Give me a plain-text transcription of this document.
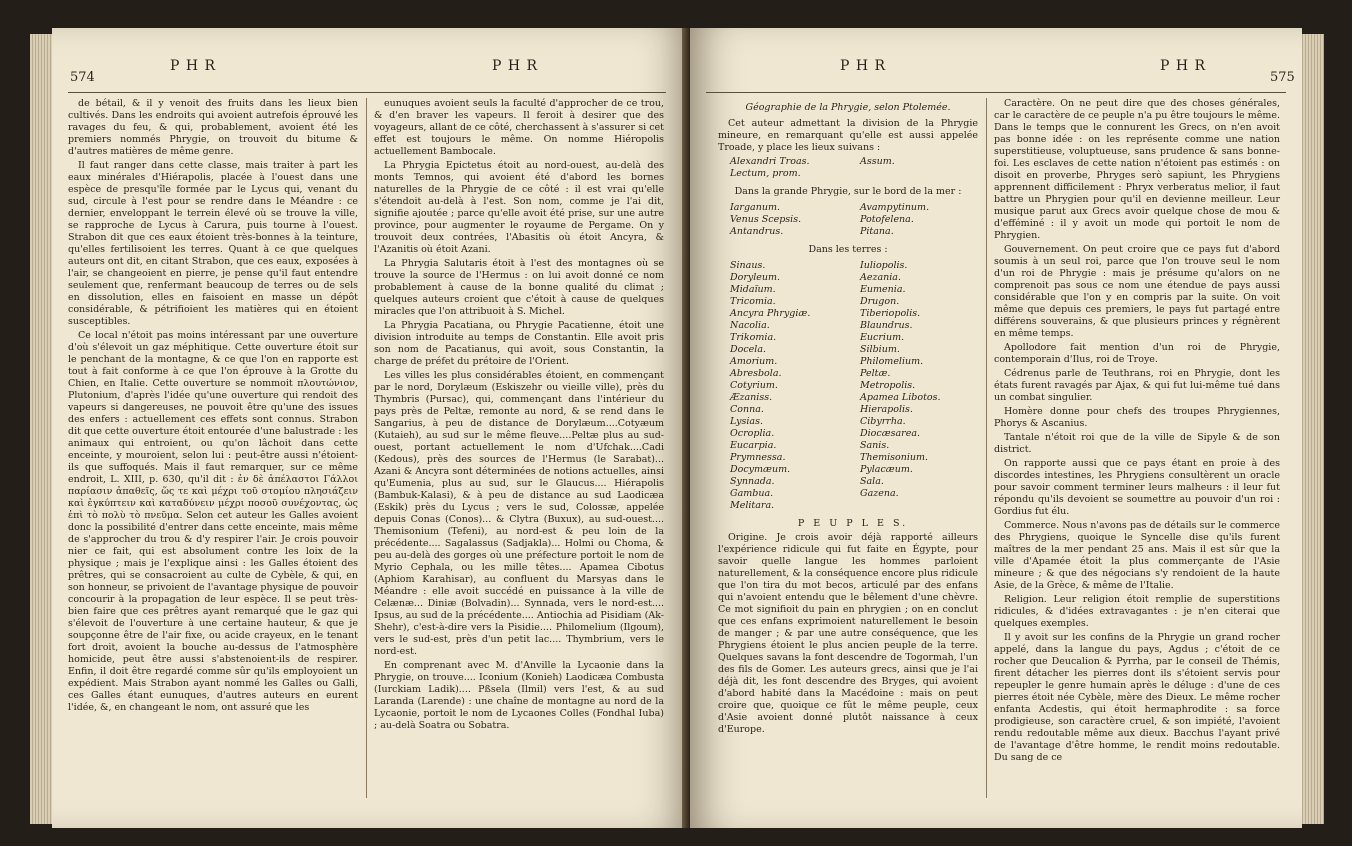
574
P H R	P H R

de bétail, & il y venoit des fruits dans les lieux bien cultivés. Dans les endroits qui avoient autrefois éprouvé les ravages du feu, & qui, probablement, avoient été les premiers nommés Phrygie, on trouvoit du bitume & d'autres matières de même genre.

Il faut ranger dans cette classe, mais traiter à part les eaux minérales d'Hiérapolis, placée à l'ouest dans une espèce de presqu'île formée par le Lycus qui, venant du sud, circule à l'est pour se rendre dans le Méandre : ce dernier, enveloppant le terrein élevé où se trouve la ville, se rapproche de Lycus à Carura, puis tourne à l'ouest. Strabon dit que ces eaux étoient très-bonnes à la teinture, qu'elles fertilisoient les terres. Quant à ce que quelques auteurs ont dit, en citant Strabon, que ces eaux, exposées à l'air, se changeoient en pierre, je pense qu'il faut entendre seulement que, renfermant beaucoup de terres ou de sels en dissolution, elles en faisoient en masse un dépôt considérable, & pétrifioient les matières qui en étoient susceptibles.

Ce local n'étoit pas moins intéressant par une ouverture d'où s'élevoit un gaz méphitique. Cette ouverture étoit sur le penchant de la montagne, & ce que l'on en rapporte est tout à fait conforme à ce que l'on éprouve à la Grotte du Chien, en Italie. Cette ouverture se nommoit πλουτώνιον, Plutonium, d'après l'idée qu'une ouverture qui rendoit des vapeurs si dangereuses, ne pouvoit être qu'une des issues des enfers : actuellement ces effets sont connus. Strabon dit que cette ouverture étoit entourée d'une balustrade : les animaux qui entroient, ou qu'on lâchoit dans cette enceinte, y mouroient, selon lui : peut-être aussi n'étoient-ils que suffoqués. Mais il faut remarquer, sur ce même endroit, L. XIII, p. 630, qu'il dit : ἐν δὲ ἀπέλαστοι Γάλλοι παρίασιν ἀπαθεῖς, ὥς τε καὶ μέχρι τοῦ στομίου πλησιάζειν καὶ ἐγκύπτειν καὶ καταδύνειν μέχρι ποσοῦ συνέχοντας, ὡς ἐπὶ τὸ πολὺ τὸ πνεῦμα. Selon cet auteur les Galles avoient donc la possibilité d'entrer dans cette enceinte, mais même de s'approcher du trou & d'y respirer l'air. Je crois pouvoir nier ce fait, qui est absolument contre les loix de la physique ; mais je l'explique ainsi : les Galles étoient des prêtres, qui se consacroient au culte de Cybèle, & qui, en son honneur, se privoient de l'avantage physique de pouvoir concourir à la propagation de leur espèce. Il se peut très-bien faire que ces prêtres ayant remarqué que le gaz qui s'élevoit de l'ouverture à une certaine hauteur, & que je soupçonne être de l'air fixe, ou acide crayeux, en le tenant fort droit, avoient la bouche au-dessus de l'atmosphère homicide, peut être aussi s'abstenoient-ils de respirer. Enfin, il doit être regardé comme sûr qu'ils employoient un expédient. Mais Strabon ayant nommé les Galles ou Galli, ces Galles étant eunuques, d'autres auteurs en eurent l'idée, &, en changeant le nom, ont assuré que les

eunuques avoient seuls la faculté d'approcher de ce trou, & d'en braver les vapeurs. Il feroit à desirer que des voyageurs, allant de ce côté, cherchassent à s'assurer si cet effet est toujours le même. On nomme Hiéropolis actuellement Bambocale.

La Phrygia Epictetus étoit au nord-ouest, au-delà des monts Temnos, qui avoient été d'abord les bornes naturelles de la Phrygie de ce côté : il est vrai qu'elle s'étendoit au-delà à l'est. Son nom, comme je l'ai dit, signifie ajoutée ; parce qu'elle avoit été prise, sur une autre province, pour augmenter le royaume de Pergame. On y trouvoit deux contrées, l'Abasitis où étoit Ancyra, & l'Azanitis où étoit Azani.

La Phrygia Salutaris étoit à l'est des montagnes où se trouve la source de l'Hermus : on lui avoit donné ce nom probablement à cause de la bonne qualité du climat ; quelques auteurs croient que c'étoit à cause de quelques miracles que l'on attribuoit à S. Michel.

La Phrygia Pacatiana, ou Phrygie Pacatienne, étoit une division introduite au temps de Constantin. Elle avoit pris son nom de Pacatianus, qui avoit, sous Constantin, la charge de préfet du prétoire de l'Orient.

Les villes les plus considérables étoient, en commençant par le nord, Dorylæum (Eskiszehr ou vieille ville), près du Thymbris (Pursac), qui, commençant dans l'intérieur du pays près de Peltæ, remonte au nord, & se rend dans le Sangarius, à peu de distance de Dorylæum....Cotyæum (Kutaieh), au sud sur le même fleuve....Peltæ plus au sud-ouest, portant actuellement le nom d'Ufchak....Cadi (Kedous), près des sources de l'Hermus (le Sarabat)... Azani & Ancyra sont déterminées de notions actuelles, ainsi qu'Eumenia, plus au sud, sur le Glaucus.... Hiérapolis (Bambuk-Kalasi), & à peu de distance au sud Laodicæa (Eskik) près du Lycus ; vers le sud, Colossæ, appelée depuis Conas (Conos)... & Clytra (Buxux), au sud-ouest.... Themisonium (Tefeni), au nord-est & peu loin de la précédente.... Sagalassus (Sadjakla)... Holmi ou Choma, & peu au-delà des gorges où une préfecture portoit le nom de Myrio Cephala, ou les mille têtes.... Apamea Cibotus (Aphiom Karahisar), au confluent du Marsyas dans le Méandre : elle avoit succédé en puissance à la ville de Celænæ... Diniæ (Bolvadin)... Synnada, vers le nord-est.... Ipsus, au sud de la précédente.... Antiochia ad Pisidiam (Ak-Shehr), c'est-à-dire vers la Pisidie.... Philomelium (Ilgoum), vers le sud-est, près d'un petit lac.... Thymbrium, vers le nord-est.

En comprenant avec M. d'Anville la Lycaonie dans la Phrygie, on trouve.... Iconium (Konieh) Laodicæa Combusta (Iurckiam Ladik).... Pßsela (Ilmil) vers l'est, & au sud Laranda (Larende) : une chaîne de montagne au nord de la Lycaonie, portoit le nom de Lycaones Colles (Fondhal Iuba) ; au-delà Soatra ou Sobatra.

P H R	P H R
575

Géographie de la Phrygie, selon Ptolemée.

Cet auteur admettant la division de la Phrygie mineure, en remarquant qu'elle est aussi appelée Troade, y place les lieux suivans :

Alexandri Troas.	Assum.
Lectum, prom.	

Dans la grande Phrygie, sur le bord de la mer :

Iarganum.	Avampytinum.
Venus Scepsis.	Potofelena.
Antandrus.	Pitana.

Dans les terres :

Sinaus.	Iuliopolis.
Doryleum.	Aezania.
Midaïum.	Eumenia.
Tricomia.	Drugon.
Ancyra Phrygiæ.	Tiberiopolis.
Nacolia.	Blaundrus.
Trikomia.	Eucrium.
Docela.	Silbium.
Amorium.	Philomelium.
Abresbola.	Peltæ.
Cotyrium.	Metropolis.
Æzaniss.	Apamea Libotos.
Conna.	Hierapolis.
Lysias.	Cibyrrha.
Ocroplia.	Diocæsarea.
Eucarpia.	Sanis.
Prymnessa.	Themisonium.
Docymæum.	Pylacæum.
Synnada.	Sala.
Gambua.	Gazena.
Melitara.	

P E U P L E S.

Origine. Je crois avoir déjà rapporté ailleurs l'expérience ridicule qui fut faite en Égypte, pour savoir quelle langue les hommes parloient naturellement, & la conséquence encore plus ridicule que l'on tira du mot becos, articulé par des enfans qui n'avoient entendu que le bêlement d'une chèvre. Ce mot signifioit du pain en phrygien ; on en conclut que ces enfans exprimoient naturellement le besoin de manger ; & par une autre conséquence, que les Phrygiens étoient le plus ancien peuple de la terre. Quelques savans la font descendre de Togormah, l'un des fils de Gomer. Les auteurs grecs, ainsi que je l'ai déjà dit, les font descendre des Bryges, qui avoient d'abord habité dans la Macédoine : mais on peut croire que, quoique ce fût le même peuple, ceux d'Asie avoient donné plutôt naissance à ceux d'Europe.

Caractère. On ne peut dire que des choses générales, car le caractère de ce peuple n'a pu être toujours le même. Dans le temps que le connurent les Grecs, on n'en avoit pas bonne idée : on les représente comme une nation superstitieuse, voluptueuse, sans prudence & sans bonne-foi. Les esclaves de cette nation n'étoient pas estimés : on disoit en proverbe, Phryges serò sapiunt, les Phrygiens apprennent difficilement : Phryx verberatus melior, il faut battre un Phrygien pour qu'il en devienne meilleur. Leur musique parut aux Grecs avoir quelque chose de mou & d'efféminé : il y avoit un mode qui portoit le nom de Phrygien.

Gouvernement. On peut croire que ce pays fut d'abord soumis à un seul roi, parce que l'on trouve seul le nom d'un roi de Phrygie : mais je présume qu'alors on ne comprenoit pas sous ce nom une étendue de pays aussi considérable que l'on y en compris par la suite. On voit même que depuis ces premiers, le pays fut partagé entre différens souverains, & que plusieurs princes y régnèrent en même temps.

Apollodore fait mention d'un roi de Phrygie, contemporain d'Ilus, roi de Troye.

Cédrenus parle de Teuthrans, roi en Phrygie, dont les états furent ravagés par Ajax, & qui fut lui-même tué dans un combat singulier.

Homère donne pour chefs des troupes Phrygiennes, Phorys & Ascanius.

Tantale n'étoit roi que de la ville de Sipyle & de son district.

On rapporte aussi que ce pays étant en proie à des discordes intestines, les Phrygiens consultèrent un oracle pour savoir comment terminer leurs malheurs : il leur fut répondu qu'ils devoient se soumettre au pouvoir d'un roi : Gordius fut élu.

Commerce. Nous n'avons pas de détails sur le commerce des Phrygiens, quoique le Syncelle dise qu'ils furent maîtres de la mer pendant 25 ans. Mais il est sûr que la ville d'Apamée étoit la plus commerçante de l'Asie mineure ; & que des négocians s'y rendoient de la haute Asie, de la Grèce, & même de l'Italie.

Religion. Leur religion étoit remplie de superstitions ridicules, & d'idées extravagantes : je n'en citerai que quelques exemples.

Il y avoit sur les confins de la Phrygie un grand rocher appelé, dans la langue du pays, Agdus ; c'étoit de ce rocher que Deucalion & Pyrrha, par le conseil de Thémis, firent détacher les pierres dont ils s'étoient servis pour repeupler le genre humain après le déluge : d'une de ces pierres étoit née Cybèle, mère des Dieux. Le même rocher enfanta Acdestis, qui étoit hermaphrodite : sa force prodigieuse, son caractère cruel, & son impiété, l'avoient rendu redoutable même aux dieux. Bacchus l'ayant privé de l'avantage d'être homme, le rendit moins redoutable. Du sang de ce
